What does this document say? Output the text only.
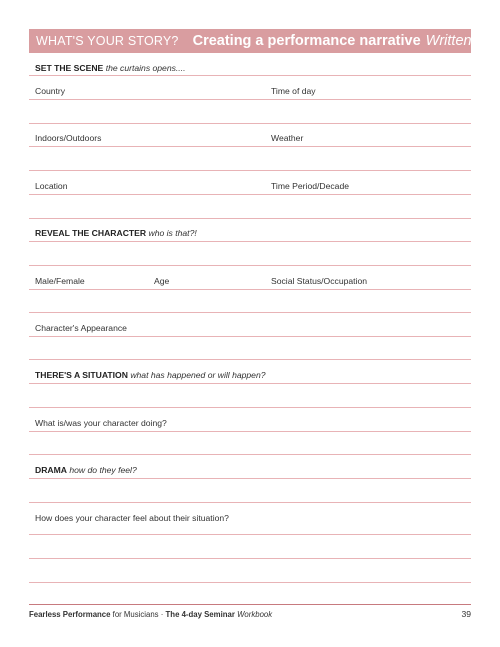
WHAT'S YOUR STORY? Creating a performance narrative Written
SET THE SCENE the curtains opens....
Country	Time of day
Indoors/Outdoors	Weather
Location	Time Period/Decade
REVEAL THE CHARACTER who is that?!
Male/Female	Age	Social Status/Occupation
Character's Appearance
THERE'S A SITUATION what has happened or will happen?
What is/was your character doing?
DRAMA how do they feel?
How does your character feel about their situation?
Fearless Performance for Musicians · The 4-day Seminar Workbook	39
